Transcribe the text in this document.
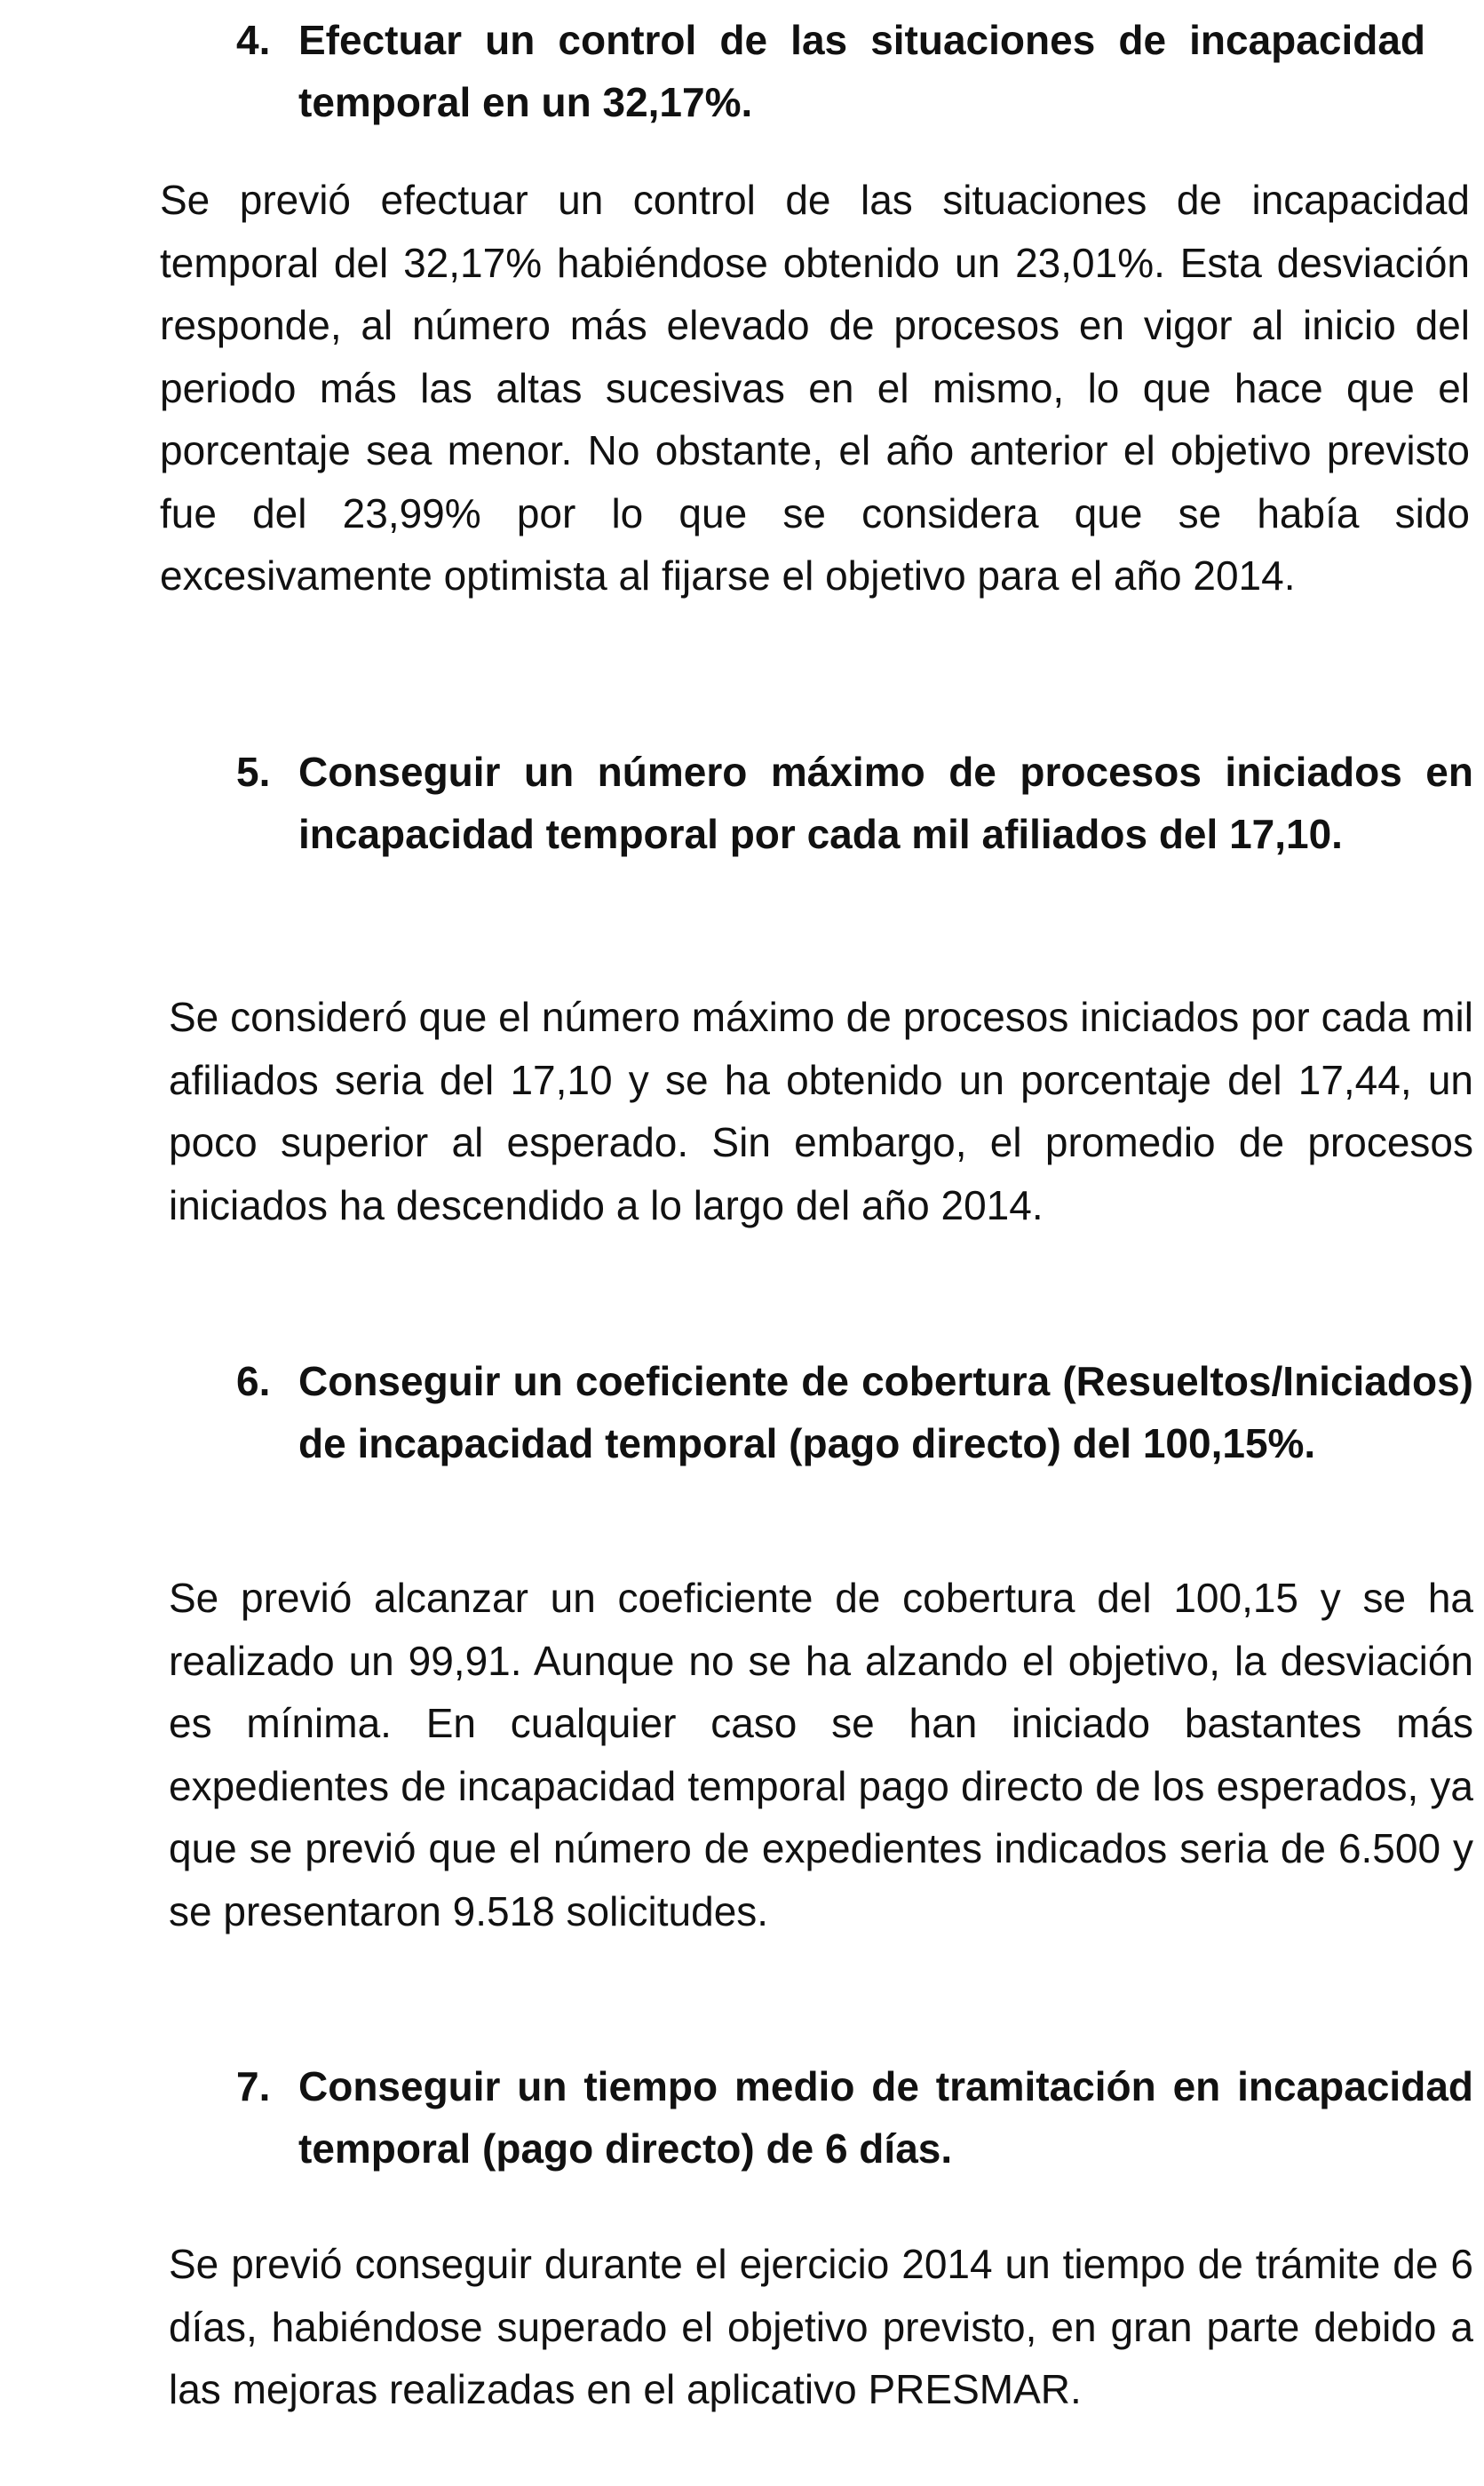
4. Efectuar un control de las situaciones de incapacidad temporal en un 32,17%.

Se previó efectuar un control de las situaciones de incapacidad temporal del 32,17% habiéndose obtenido un 23,01%. Esta desviación responde, al número más elevado de procesos en vigor al inicio del periodo más las altas sucesivas en el mismo, lo que hace que el porcentaje sea menor. No obstante, el año anterior el objetivo previsto fue del 23,99% por lo que se considera que se había sido excesivamente optimista al fijarse el objetivo para el año 2014.

5. Conseguir un número máximo de procesos iniciados en incapacidad temporal por cada mil afiliados del 17,10.

Se consideró que el número máximo de procesos iniciados por cada mil afiliados seria del 17,10 y se ha obtenido un porcentaje del 17,44, un poco superior al esperado. Sin embargo, el promedio de procesos iniciados ha descendido a lo largo del año 2014.

6. Conseguir un coeficiente de cobertura (Resueltos/Iniciados) de incapacidad temporal (pago directo) del 100,15%.

Se previó alcanzar un coeficiente de cobertura del 100,15 y se ha realizado un 99,91. Aunque no se ha alzando el objetivo, la desviación es mínima. En cualquier caso se han iniciado bastantes más expedientes de incapacidad temporal pago directo de los esperados, ya que se previó que el número de expedientes indicados seria de 6.500 y se presentaron 9.518 solicitudes.

7. Conseguir un tiempo medio de tramitación en incapacidad temporal (pago directo) de 6 días.

Se previó conseguir durante el ejercicio 2014 un tiempo de trámite de 6 días, habiéndose superado el objetivo previsto, en gran parte debido a las mejoras realizadas en el aplicativo PRESMAR.
